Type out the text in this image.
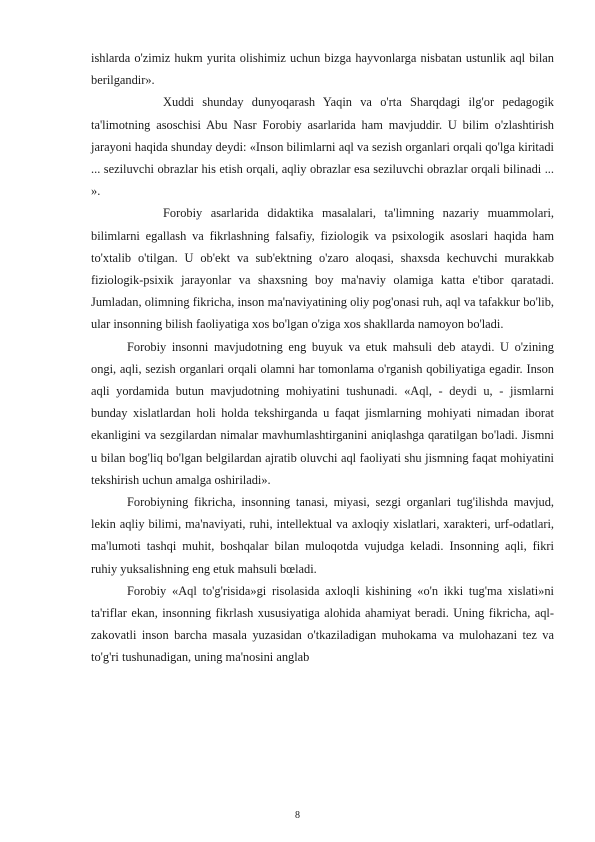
ishlarda o'zimiz hukm yurita olishimiz uchun bizga hayvonlarga nisbatan ustunlik aql bilan berilgandir».

Xuddi shunday dunyoqarash Yaqin va o'rta Sharqdagi ilg'or pedagogik ta'limotning asoschisi Abu Nasr Forobiy asarlarida ham mavjuddir. U bilim o'zlashtirish jarayoni haqida shunday deydi: «Inson bilimlarni aql va sezish organlari orqali qo'lga kiritadi ... seziluvchi obrazlar his etish orqali, aqliy obrazlar esa seziluvchi obrazlar orqali bilinadi ... ».

Forobiy asarlarida didaktika masalalari, ta'limning nazariy muammolari, bilimlarni egallash va fikrlashning falsafiy, fiziologik va psixologik asoslari haqida ham to'xtalib o'tilgan. U ob'ekt va sub'ektning o'zaro aloqasi, shaxsda kechuvchi murakkab fiziologik-psixik jarayonlar va shaxsning boy ma'naviy olamiga katta e'tibor qaratadi. Jumladan, olimning fikricha, inson ma'naviyatining oliy pog'onasi ruh, aql va tafakkur bo'lib, ular insonning bilish faoliyatiga xos bo'lgan o'ziga xos shakllarda namoyon bo'ladi.

Forobiy insonni mavjudotning eng buyuk va etuk mahsuli deb ataydi. U o'zining ongi, aqli, sezish organlari orqali olamni har tomonlama o'rganish qobiliyatiga egadir. Inson aqli yordamida butun mavjudotning mohiyatini tushunadi. «Aql, - deydi u, - jismlarni bunday xislatlardan holi holda tekshirganda u faqat jismlarning mohiyati nimadan iborat ekanligini va sezgilardan nimalar mavhumlashtirganini aniqlashga qaratilgan bo'ladi. Jismni u bilan bog'liq bo'lgan belgilardan ajratib oluvchi aql faoliyati shu jismning faqat mohiyatini tekshirish uchun amalga oshiriladi».

Forobiyning fikricha, insonning tanasi, miyasi, sezgi organlari tug'ilishda mavjud, lekin aqliy bilimi, ma'naviyati, ruhi, intellektual va axloqiy xislatlari, xarakteri, urf-odatlari, ma'lumoti tashqi muhit, boshqalar bilan muloqotda vujudga keladi. Insonning aqli, fikri ruhiy yuksalishning eng etuk mahsuli bœladi.

Forobiy «Aql to'g'risida»gi risolasida axloqli kishining «o'n ikki tug'ma xislati»ni ta'riflar ekan, insonning fikrlash xususiyatiga alohida ahamiyat beradi. Uning fikricha, aql-zakovatli inson barcha masala yuzasidan o'tkaziladigan muhokama va mulohazani tez va to'g'ri tushunadigan, uning ma'nosini anglab

8
